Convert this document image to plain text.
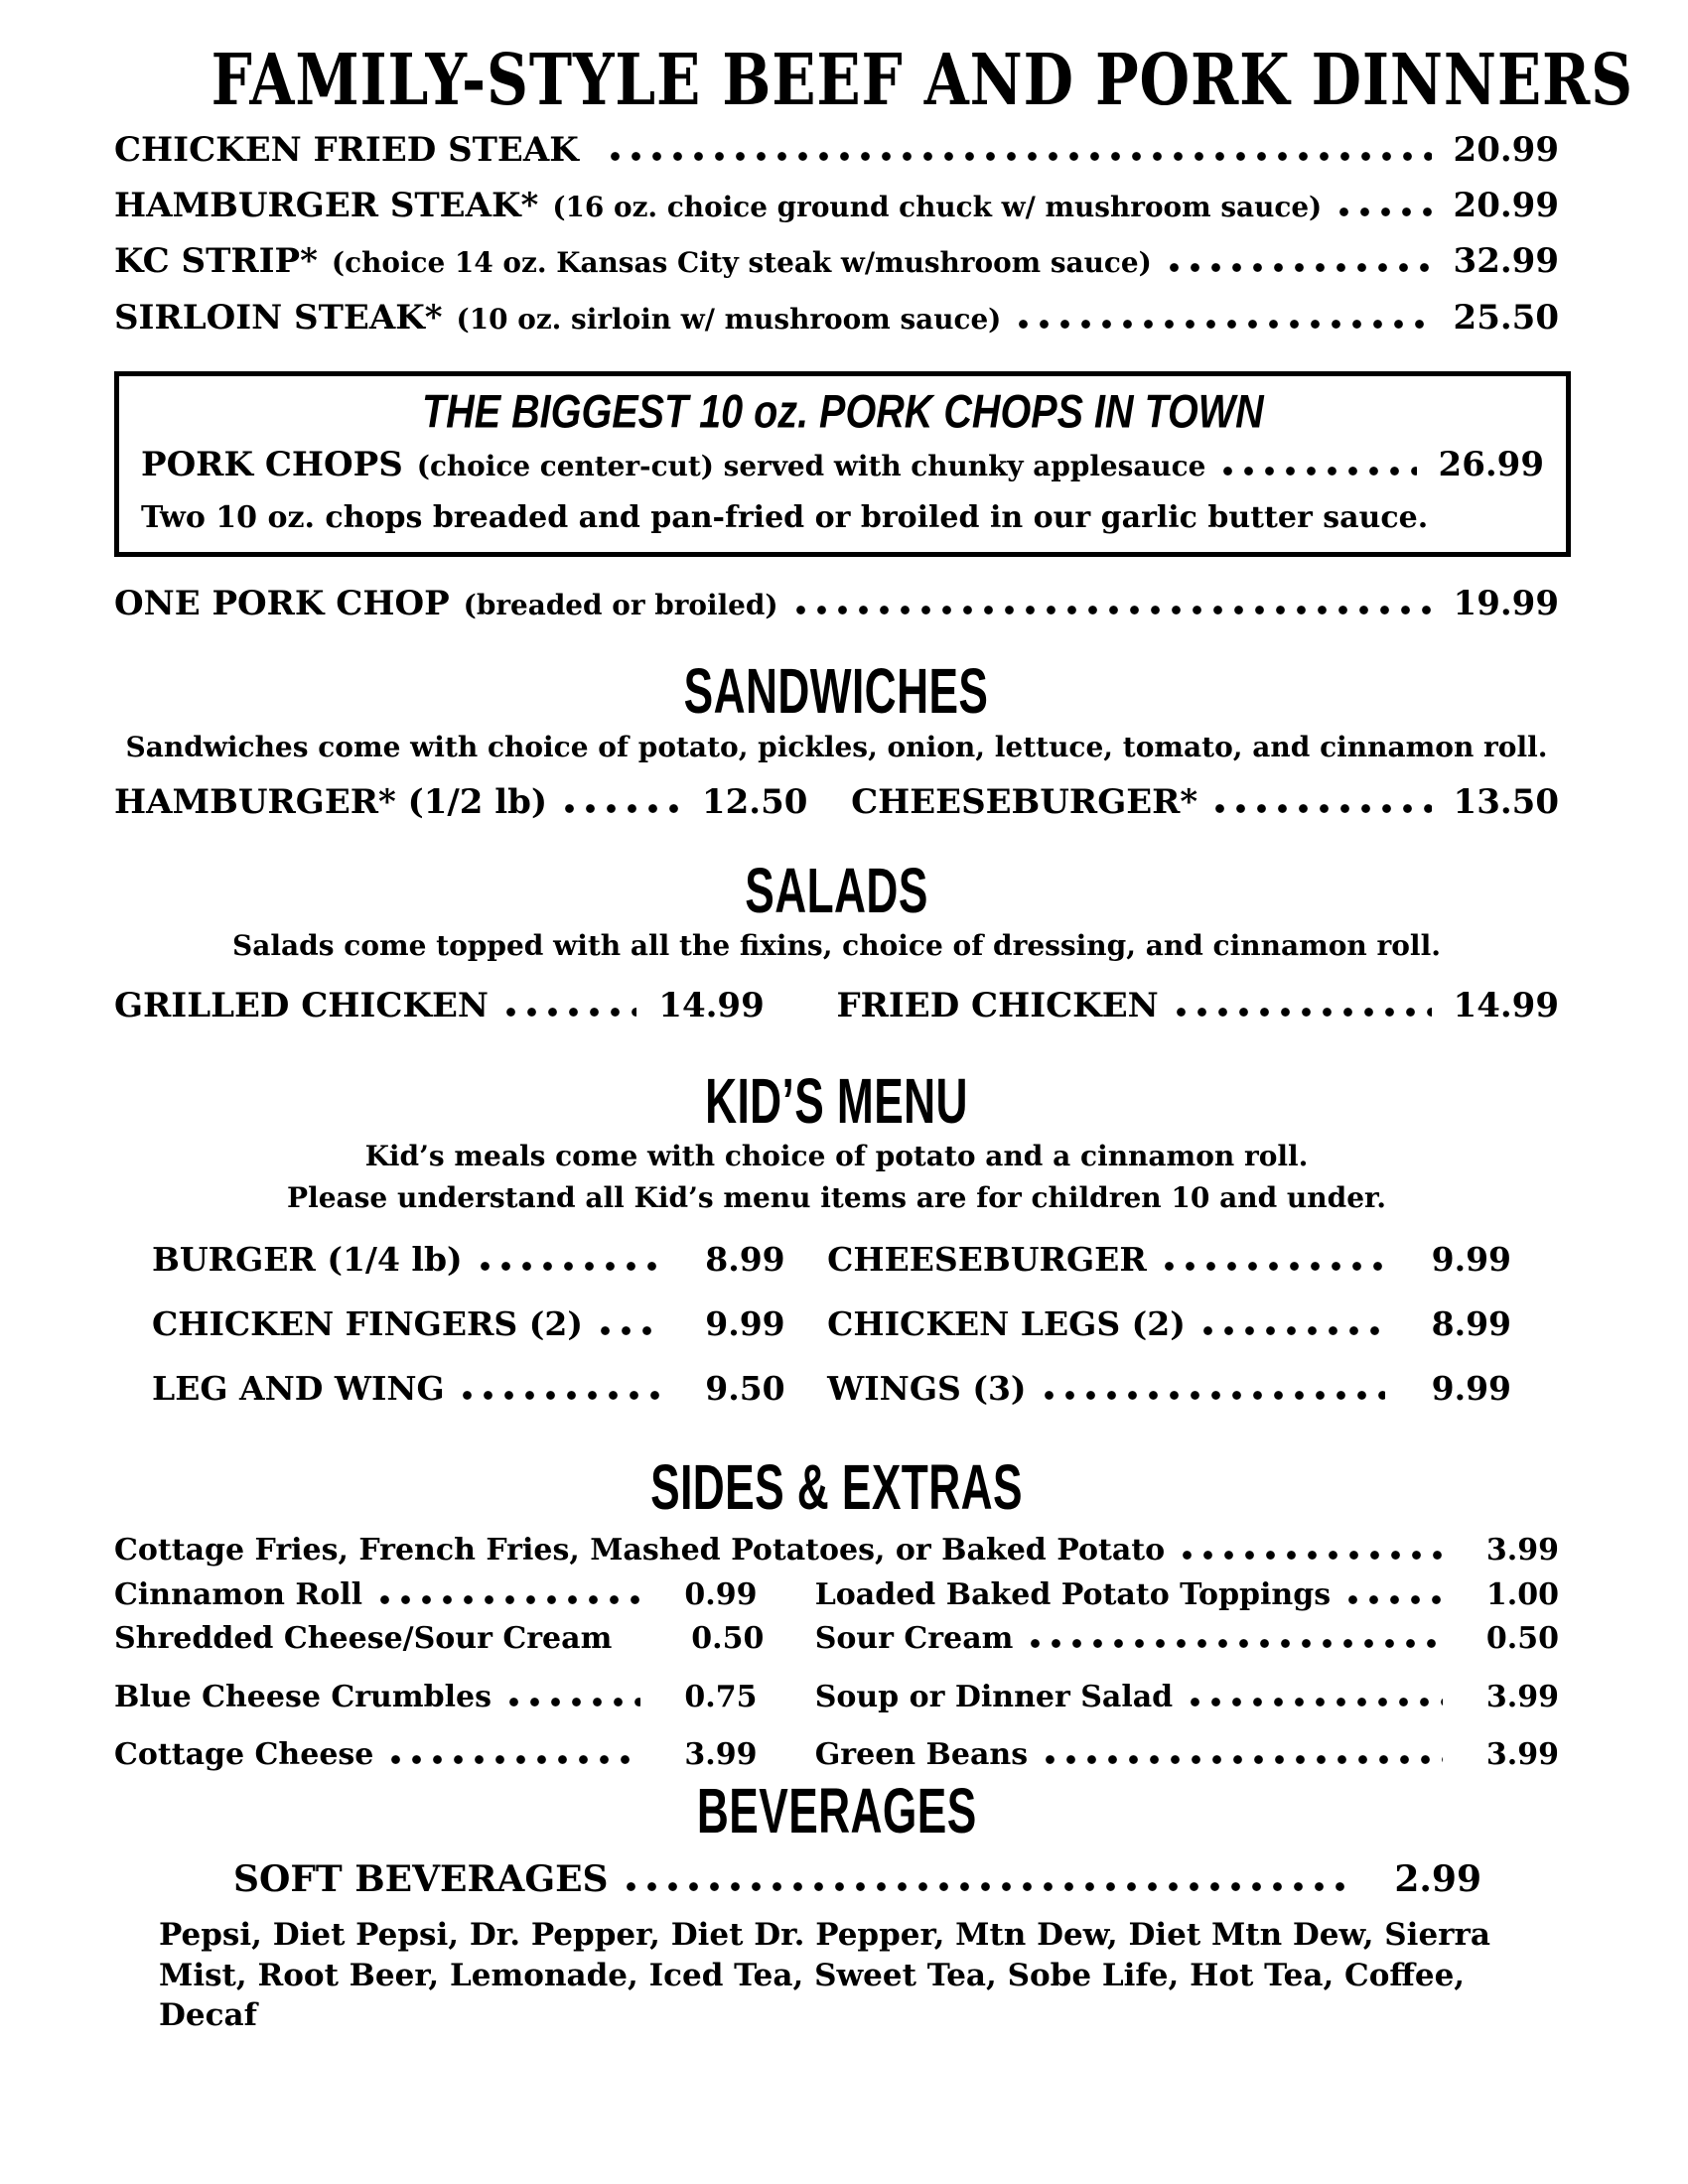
FAMILY-STYLE BEEF AND PORK DINNERS
CHICKEN FRIED STEAK	20.99
HAMBURGER STEAK* (16 oz. choice ground chuck w/ mushroom sauce)	20.99
KC STRIP* (choice 14 oz. Kansas City steak w/mushroom sauce)	32.99
SIRLOIN STEAK* (10 oz. sirloin w/ mushroom sauce)	25.50
THE BIGGEST 10 oz. PORK CHOPS IN TOWN
PORK CHOPS (choice center-cut) served with chunky applesauce	26.99
Two 10 oz. chops breaded and pan-fried or broiled in our garlic butter sauce.
ONE PORK CHOP (breaded or broiled)	19.99
SANDWICHES
Sandwiches come with choice of potato, pickles, onion, lettuce, tomato, and cinnamon roll.
HAMBURGER* (1/2 lb)	12.50 CHEESEBURGER*	13.50
SALADS
Salads come topped with all the fixins, choice of dressing, and cinnamon roll.
GRILLED CHICKEN	14.99 FRIED CHICKEN	14.99
KID’S MENU
Kid’s meals come with choice of potato and a cinnamon roll.
Please understand all Kid’s menu items are for children 10 and under.
BURGER (1/4 lb)	8.99 CHEESEBURGER	9.99
CHICKEN FINGERS (2)	9.99 CHICKEN LEGS (2)	8.99
LEG AND WING	9.50 WINGS (3)	9.99
SIDES & EXTRAS
Cottage Fries, French Fries, Mashed Potatoes, or Baked Potato	3.99
Cinnamon Roll	0.99 Loaded Baked Potato Toppings	1.00
Shredded Cheese/Sour Cream	0.50 Sour Cream	0.50
Blue Cheese Crumbles	0.75 Soup or Dinner Salad	3.99
Cottage Cheese	3.99 Green Beans	3.99
BEVERAGES
SOFT BEVERAGES	2.99
Pepsi, Diet Pepsi, Dr. Pepper, Diet Dr. Pepper, Mtn Dew, Diet Mtn Dew, Sierra
Mist, Root Beer, Lemonade, Iced Tea, Sweet Tea, Sobe Life, Hot Tea, Coffee, Decaf
